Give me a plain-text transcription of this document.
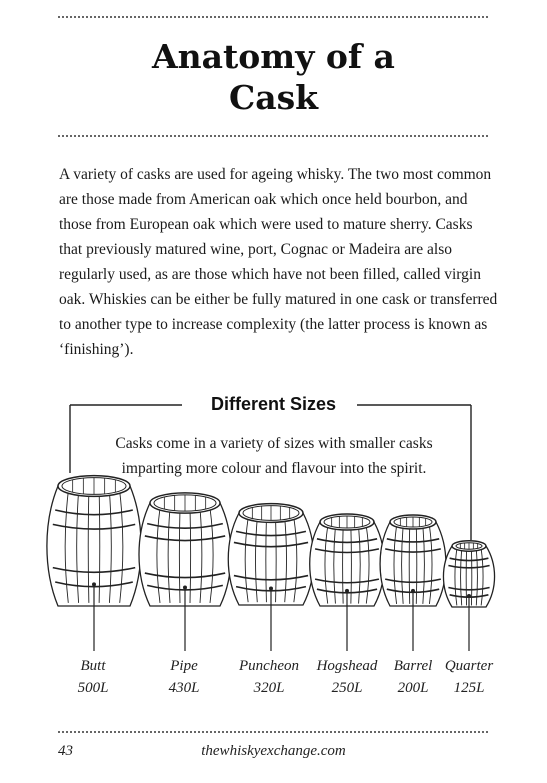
Anatomy of a
Cask

A variety of casks are used for ageing whisky. The two most common are those made from American oak which once held bourbon, and those from European oak which were used to mature sherry. Casks that previously matured wine, port, Cognac or Madeira are also regularly used, as are those which have not been filled, called virgin oak. Whiskies can be either be fully matured in one cask or transferred to another type to increase complexity (the latter process is known as ‘finishing’).

Different Sizes

Casks come in a variety of sizes with smaller casks imparting more colour and flavour into the spirit.

Butt
500L
Pipe
430L
Puncheon
320L
Hogshead
250L
Barrel
200L
Quarter
125L
43	thewhiskyexchange.com
